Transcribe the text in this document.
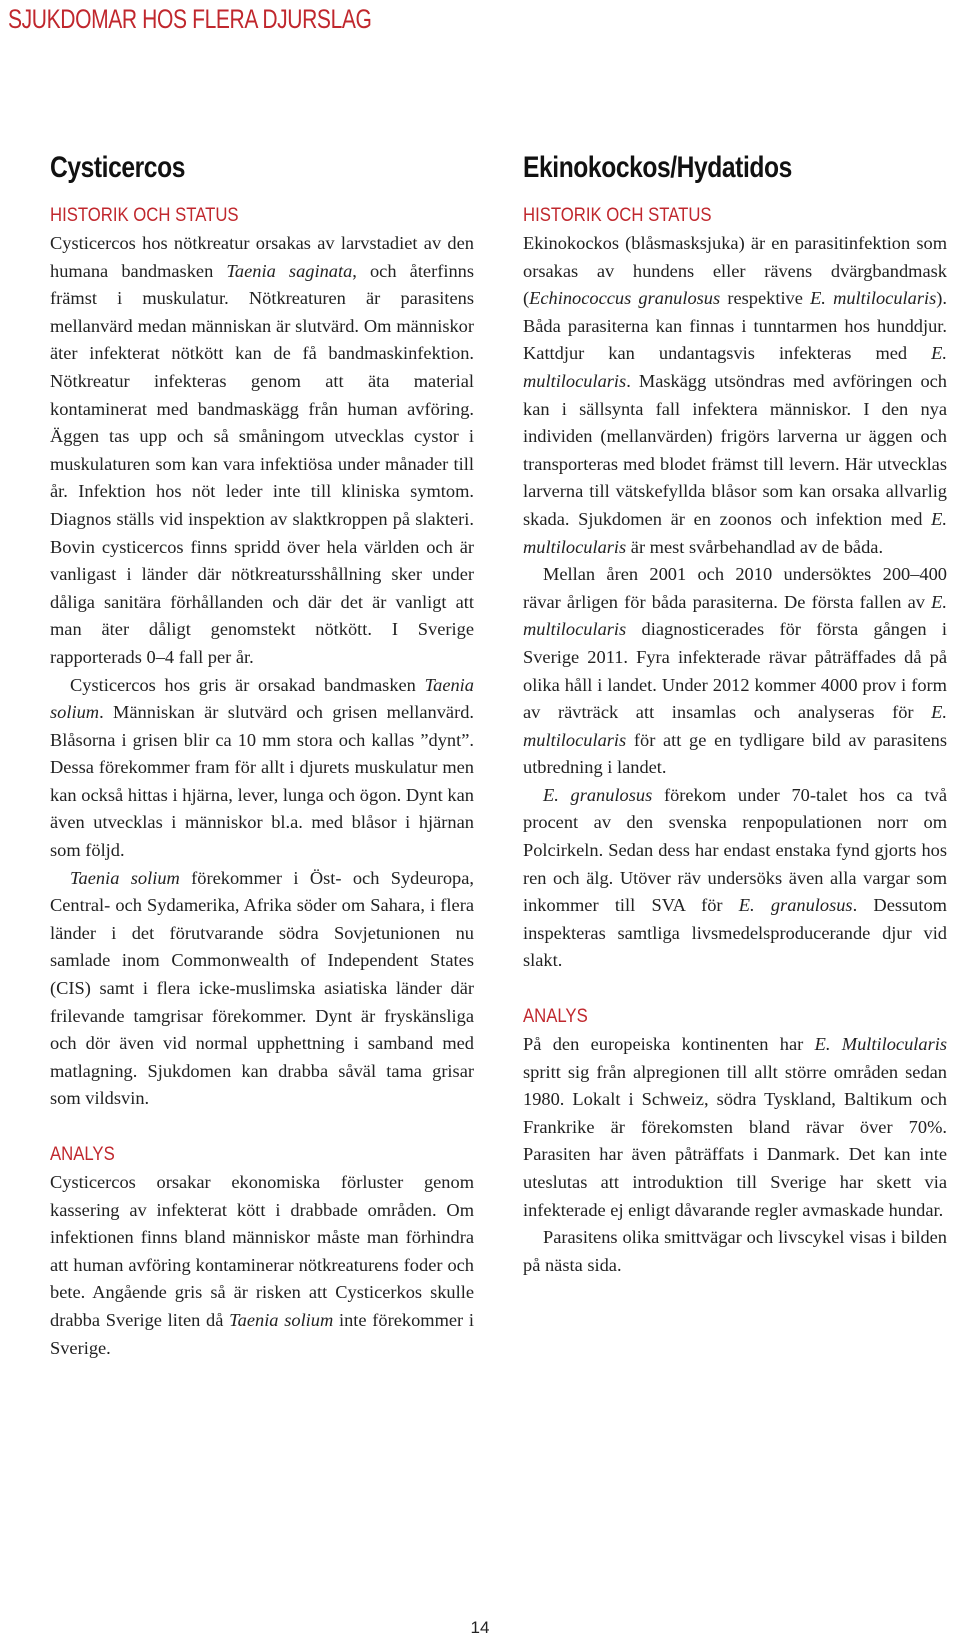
SJUKDOMAR HOS FLERA DJURSLAG
Cysticercos
HISTORIK OCH STATUS

Cysticercos hos nötkreatur orsakas av larvstadiet av den humana bandmasken Taenia saginata, och återfinns främst i muskulatur. Nötkreaturen är parasitens mellanvärd medan människan är slutvärd. Om människor äter infekterat nötkött kan de få bandmaskinfektion. Nötkreatur infekteras genom att äta material kontaminerat med bandmaskägg från human avföring. Äggen tas upp och så småningom utvecklas cystor i muskulaturen som kan vara infektiösa under månader till år. Infektion hos nöt leder inte till kliniska symtom. Diagnos ställs vid inspektion av slaktkroppen på slakteri. Bovin cysticercos finns spridd över hela världen och är vanligast i länder där nötkreatursshållning sker under dåliga sanitära förhållanden och där det är vanligt att man äter dåligt genomstekt nötkött. I Sverige rapporterads 0–4 fall per år.

Cysticercos hos gris är orsakad bandmasken Taenia solium. Människan är slutvärd och grisen mellanvärd. Blåsorna i grisen blir ca 10 mm stora och kallas ”dynt”. Dessa förekommer fram för allt i djurets muskulatur men kan också hittas i hjärna, lever, lunga och ögon. Dynt kan även utvecklas i människor bl.a. med blåsor i hjärnan som följd.

Taenia solium förekommer i Öst- och Sydeuropa, Central- och Sydamerika, Afrika söder om Sahara, i flera länder i det förutvarande södra Sovjetunionen nu samlade inom Commonwealth of Independent States (CIS) samt i flera icke-muslimska asiatiska länder där frilevande tamgrisar förekommer. Dynt är fryskänsliga och dör även vid normal upphettning i samband med matlagning. Sjukdomen kan drabba såväl tama grisar som vildsvin.

ANALYS

Cysticercos orsakar ekonomiska förluster genom kassering av infekterat kött i drabbade områden. Om infektionen finns bland människor måste man förhindra att human avföring kontaminerar nötkreaturens foder och bete. Angående gris så är risken att Cysticerkos skulle drabba Sverige liten då Taenia solium inte förekommer i Sverige.

Ekinokockos/Hydatidos
HISTORIK OCH STATUS

Ekinokockos (blåsmasksjuka) är en parasitinfektion som orsakas av hundens eller rävens dvärgbandmask (Echinococcus granulosus respektive E. multilocularis). Båda parasiterna kan finnas i tunntarmen hos hunddjur. Kattdjur kan undantagsvis infekteras med E. multilocularis. Maskägg utsöndras med avföringen och kan i sällsynta fall infektera människor. I den nya individen (mellanvärden) frigörs larverna ur äggen och transporteras med blodet främst till levern. Här utvecklas larverna till vätskefyllda blåsor som kan orsaka allvarlig skada. Sjukdomen är en zoonos och infektion med E. multilocularis är mest svårbehandlad av de båda.

Mellan åren 2001 och 2010 undersöktes 200–400 rävar årligen för båda parasiterna. De första fallen av E. multilocularis diagnosticerades för första gången i Sverige 2011. Fyra infekterade rävar påträffades då på olika håll i landet. Under 2012 kommer 4000 prov i form av rävträck att insamlas och analyseras för E. multilocularis för att ge en tydligare bild av parasitens utbredning i landet.

E. granulosus förekom under 70-talet hos ca två procent av den svenska renpopulationen norr om Polcirkeln. Sedan dess har endast enstaka fynd gjorts hos ren och älg. Utöver räv undersöks även alla vargar som inkommer till SVA för E. granulosus. Dessutom inspekteras samtliga livsmedelsproducerande djur vid slakt.

ANALYS

På den europeiska kontinenten har E. Multilocularis spritt sig från alpregionen till allt större områden sedan 1980. Lokalt i Schweiz, södra Tyskland, Baltikum och Frankrike är förekomsten bland rävar över 70%. Parasiten har även påträffats i Danmark. Det kan inte uteslutas att introduktion till Sverige har skett via infekterade ej enligt dåvarande regler avmaskade hundar.

Parasitens olika smittvägar och livscykel visas i bilden på nästa sida.

14
